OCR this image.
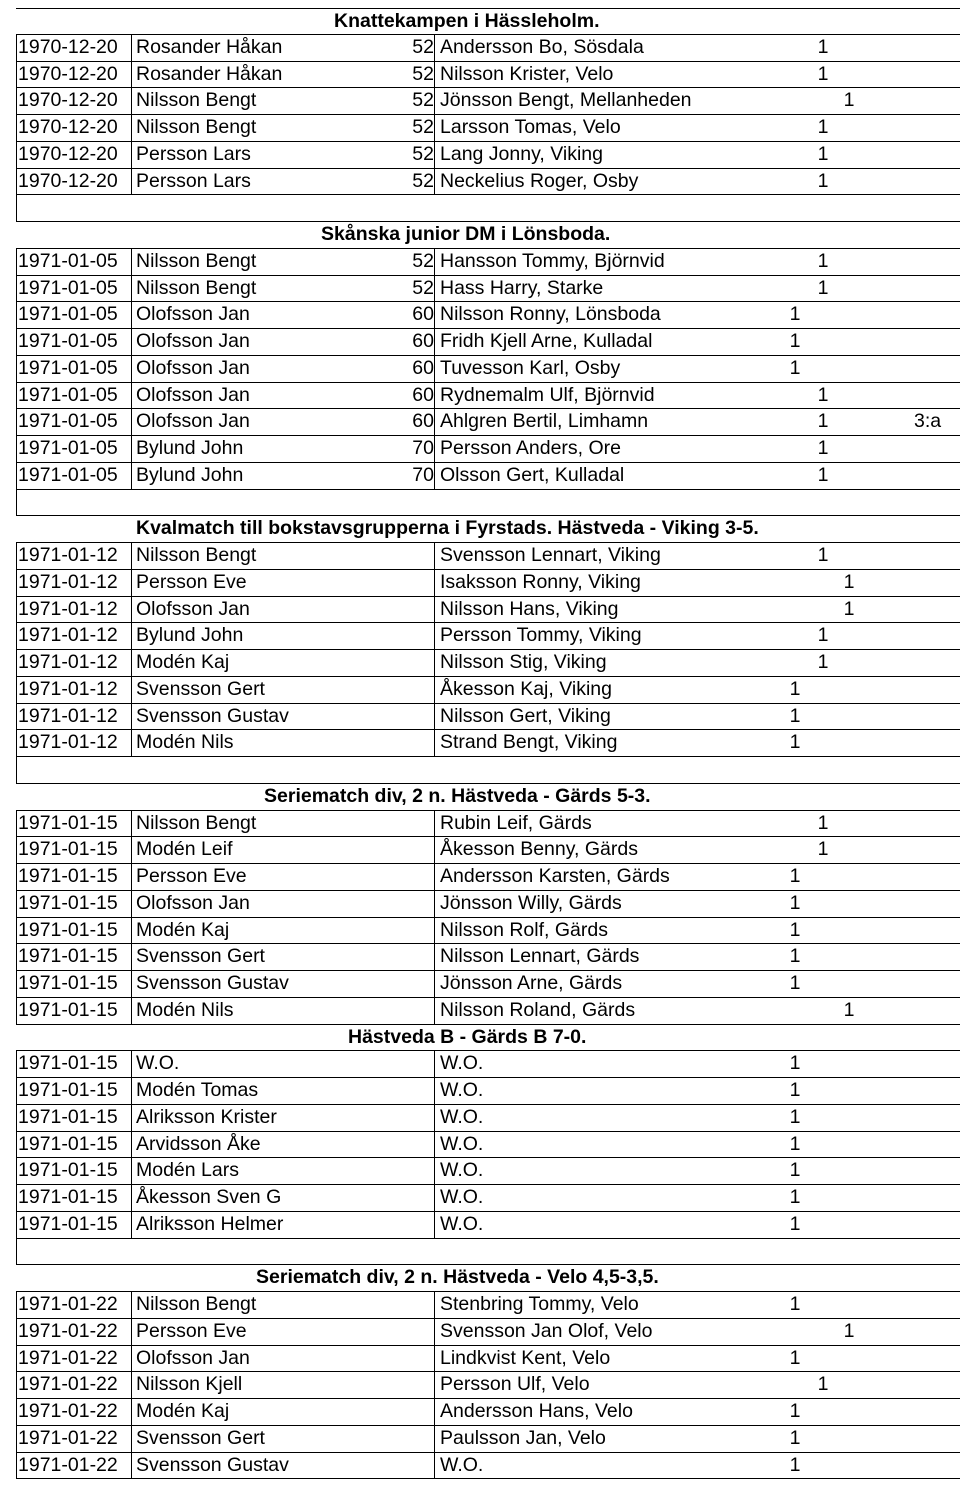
Knattekampen i Hässleholm.
1970-12-20 Rosander Håkan	52 Andersson Bo, Sösdala	1
1970-12-20 Rosander Håkan	52 Nilsson Krister, Velo	1
1970-12-20 Nilsson Bengt	52 Jönsson Bengt, Mellanheden	1
1970-12-20 Nilsson Bengt	52 Larsson Tomas, Velo	1
1970-12-20 Persson Lars	52 Lang Jonny, Viking	1
1970-12-20 Persson Lars	52 Neckelius Roger, Osby	1
Skånska junior DM i Lönsboda.
1971-01-05 Nilsson Bengt	52 Hansson Tommy, Björnvid	1
1971-01-05 Nilsson Bengt	52 Hass Harry, Starke	1
1971-01-05 Olofsson Jan	60 Nilsson Ronny, Lönsboda	1
1971-01-05 Olofsson Jan	60 Fridh Kjell Arne, Kulladal	1
1971-01-05 Olofsson Jan	60 Tuvesson Karl, Osby	1
1971-01-05 Olofsson Jan	60 Rydnemalm Ulf, Björnvid	1
1971-01-05 Olofsson Jan	60 Ahlgren Bertil, Limhamn	1	3:a
1971-01-05 Bylund John	70 Persson Anders, Ore	1
1971-01-05 Bylund John	70 Olsson Gert, Kulladal	1
Kvalmatch till bokstavsgrupperna i Fyrstads. Hästveda - Viking 3-5.
1971-01-12 Nilsson Bengt	Svensson Lennart, Viking	1
1971-01-12 Persson Eve	Isaksson Ronny, Viking	1
1971-01-12 Olofsson Jan	Nilsson Hans, Viking	1
1971-01-12 Bylund John	Persson Tommy, Viking	1
1971-01-12 Modén Kaj	Nilsson Stig, Viking	1
1971-01-12 Svensson Gert	Åkesson Kaj, Viking	1
1971-01-12 Svensson Gustav	Nilsson Gert, Viking	1
1971-01-12 Modén Nils	Strand Bengt, Viking	1
Seriematch div, 2 n. Hästveda - Gärds 5-3.
1971-01-15 Nilsson Bengt	Rubin Leif, Gärds	1
1971-01-15 Modén Leif	Åkesson Benny, Gärds	1
1971-01-15 Persson Eve	Andersson Karsten, Gärds	1
1971-01-15 Olofsson Jan	Jönsson Willy, Gärds	1
1971-01-15 Modén Kaj	Nilsson Rolf, Gärds	1
1971-01-15 Svensson Gert	Nilsson Lennart, Gärds	1
1971-01-15 Svensson Gustav	Jönsson Arne, Gärds	1
1971-01-15 Modén Nils	Nilsson Roland, Gärds	1
Hästveda B - Gärds B 7-0.
1971-01-15 W.O.	W.O.	1
1971-01-15 Modén Tomas	W.O.	1
1971-01-15 Alriksson Krister	W.O.	1
1971-01-15 Arvidsson Åke	W.O.	1
1971-01-15 Modén Lars	W.O.	1
1971-01-15 Åkesson Sven G	W.O.	1
1971-01-15 Alriksson Helmer	W.O.	1
Seriematch div, 2 n. Hästveda - Velo 4,5-3,5.
1971-01-22 Nilsson Bengt	Stenbring Tommy, Velo	1
1971-01-22 Persson Eve	Svensson Jan Olof, Velo	1
1971-01-22 Olofsson Jan	Lindkvist Kent, Velo	1
1971-01-22 Nilsson Kjell	Persson Ulf, Velo	1
1971-01-22 Modén Kaj	Andersson Hans, Velo	1
1971-01-22 Svensson Gert	Paulsson Jan, Velo	1
1971-01-22 Svensson Gustav	W.O.	1
